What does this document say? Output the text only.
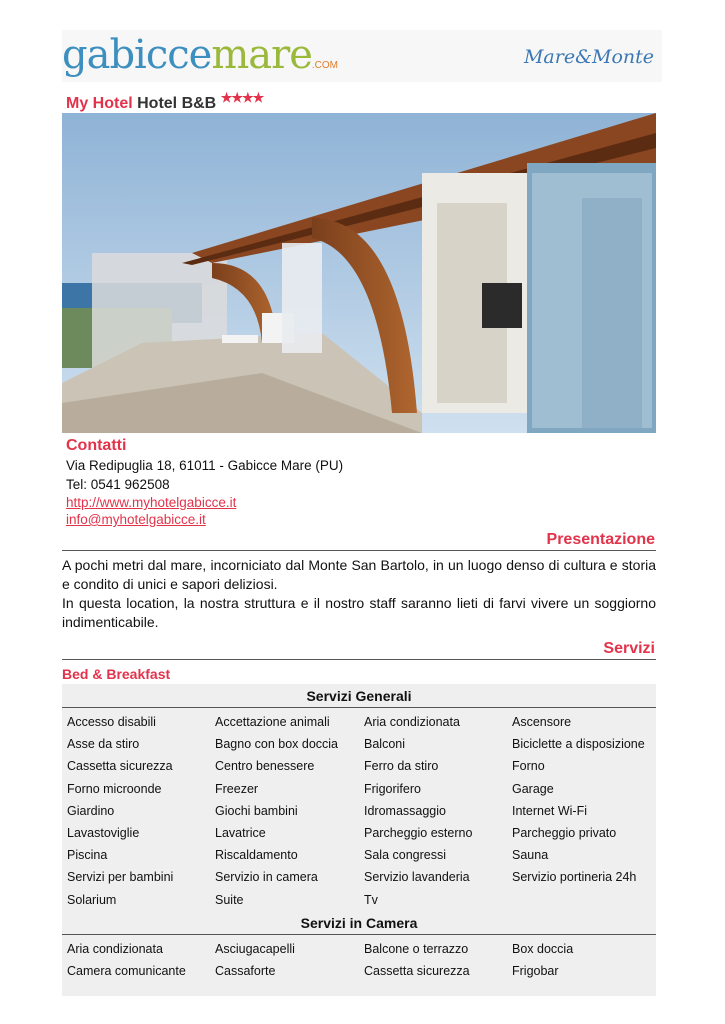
gabiccemare.COM	Mare&Monte
My Hotel Hotel B&B ★★★★
Contatti
Via Redipuglia 18, 61011 - Gabicce Mare (PU)
Tel: 0541 962508
http://www.myhotelgabicce.it
info@myhotelgabicce.it
Presentazione

A pochi metri dal mare, incorniciato dal Monte San Bartolo, in un luogo denso di cultura e storia e condito di unici e sapori deliziosi.

In questa location, la nostra struttura e il nostro staff saranno lieti di farvi vivere un soggiorno indimenticabile.

Servizi
Bed & Breakfast
Servizi Generali
Accesso disabili	Accettazione animali	Aria condizionata	Ascensore
Asse da stiro	Bagno con box doccia	Balconi	Biciclette a disposizione
Cassetta sicurezza	Centro benessere	Ferro da stiro	Forno
Forno microonde	Freezer	Frigorifero	Garage
Giardino	Giochi bambini	Idromassaggio	Internet Wi-Fi
Lavastoviglie	Lavatrice	Parcheggio esterno	Parcheggio privato
Piscina	Riscaldamento	Sala congressi	Sauna
Servizi per bambini	Servizio in camera	Servizio lavanderia	Servizio portineria 24h
Solarium	Suite	Tv
Servizi in Camera
Aria condizionata	Asciugacapelli	Balcone o terrazzo	Box doccia
Camera comunicante	Cassaforte	Cassetta sicurezza	Frigobar
